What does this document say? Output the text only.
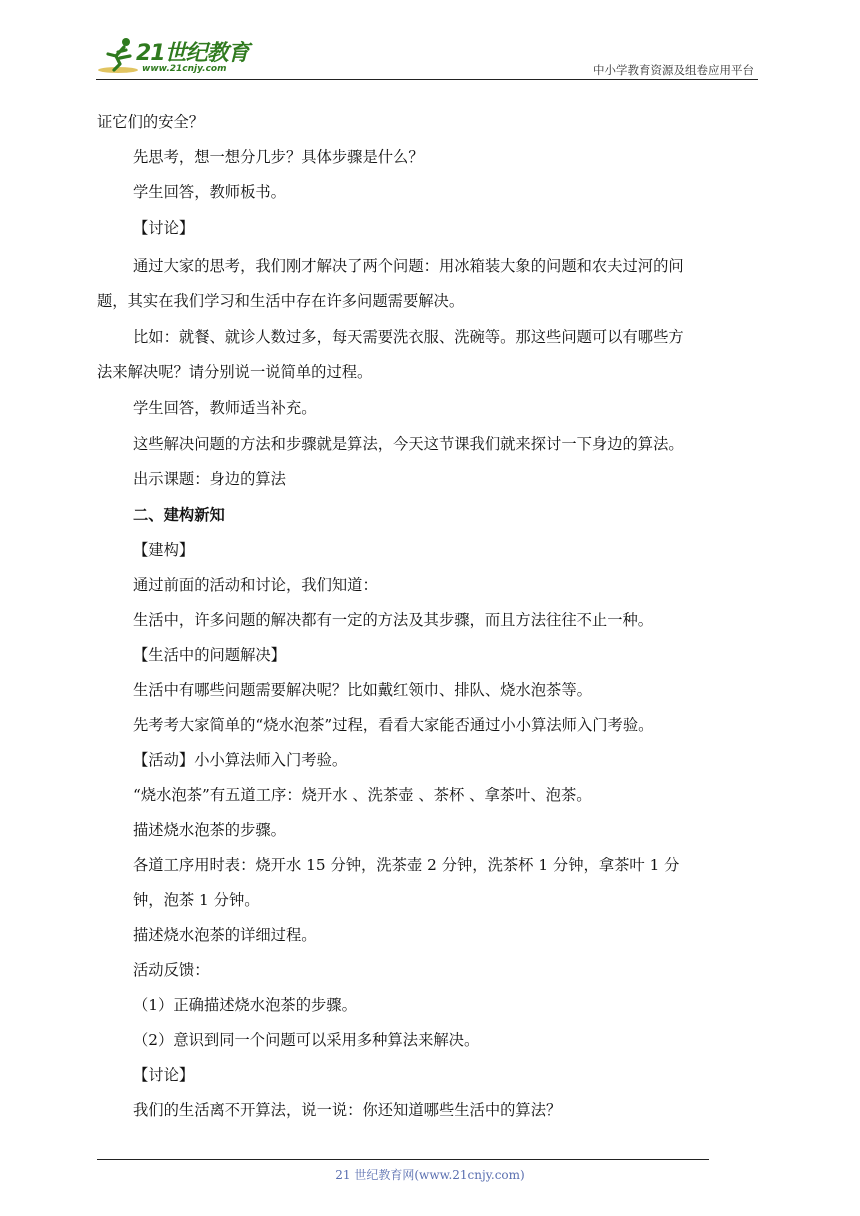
21世纪教育
www.21cnjy.com	中小学教育资源及组卷应用平台
证它们的安全？
先思考，想一想分几步？具体步骤是什么？
学生回答，教师板书。
【讨论】
通过大家的思考，我们刚才解决了两个问题：用冰箱装大象的问题和农夫过河的问
题，其实在我们学习和生活中存在许多问题需要解决。
比如：就餐、就诊人数过多，每天需要洗衣服、洗碗等。那这些问题可以有哪些方
法来解决呢？请分别说一说简单的过程。
学生回答，教师适当补充。
这些解决问题的方法和步骤就是算法，今天这节课我们就来探讨一下身边的算法。
出示课题：身边的算法
二、建构新知
【建构】
通过前面的活动和讨论，我们知道：
生活中，许多问题的解决都有一定的方法及其步骤，而且方法往往不止一种。
【生活中的问题解决】
生活中有哪些问题需要解决呢？比如戴红领巾、排队、烧水泡茶等。
先考考大家简单的“烧水泡茶”过程，看看大家能否通过小小算法师入门考验。
【活动】小小算法师入门考验。
“烧水泡茶”有五道工序：烧开水 、洗茶壶 、茶杯 、拿茶叶、泡茶。
描述烧水泡茶的步骤。
各道工序用时表：烧开水 15 分钟，洗茶壶 2 分钟，洗茶杯 1 分钟，拿茶叶 1 分
钟，泡茶 1 分钟。
描述烧水泡茶的详细过程。
活动反馈：
（1）正确描述烧水泡茶的步骤。
（2）意识到同一个问题可以采用多种算法来解决。
【讨论】
我们的生活离不开算法，说一说：你还知道哪些生活中的算法？
21 世纪教育网(www.21cnjy.com)
